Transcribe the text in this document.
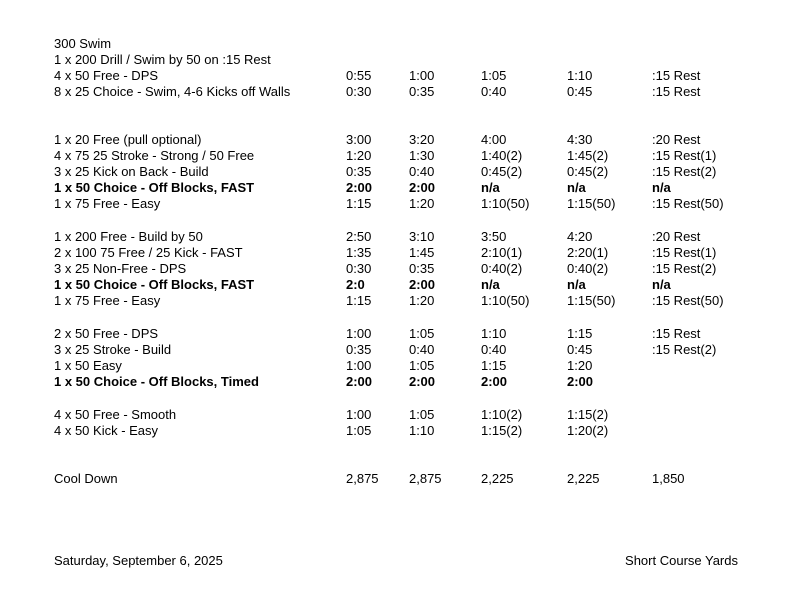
300 Swim
1 x 200 Drill / Swim by 50 on :15 Rest
4 x 50 Free - DPS	0:55	1:00	1:05	1:10	:15 Rest
8 x 25 Choice - Swim, 4-6 Kicks off Walls	0:30	0:35	0:40	0:45	:15 Rest
1 x 20 Free (pull optional)	3:00	3:20	4:00	4:30	:20 Rest
4 x 75 25 Stroke - Strong / 50 Free	1:20	1:30	1:40(2)	1:45(2)	:15 Rest(1)
3 x 25 Kick on Back - Build	0:35	0:40	0:45(2)	0:45(2)	:15 Rest(2)
1 x 50 Choice - Off Blocks, FAST	2:00	2:00	n/a	n/a	n/a
1 x 75 Free - Easy	1:15	1:20	1:10(50)	1:15(50)	:15 Rest(50)
1 x 200 Free - Build by 50	2:50	3:10	3:50	4:20	:20 Rest
2 x 100 75 Free / 25 Kick - FAST	1:35	1:45	2:10(1)	2:20(1)	:15 Rest(1)
3 x 25 Non-Free - DPS	0:30	0:35	0:40(2)	0:40(2)	:15 Rest(2)
1 x 50 Choice - Off Blocks, FAST	2:0	2:00	n/a	n/a	n/a
1 x 75 Free - Easy	1:15	1:20	1:10(50)	1:15(50)	:15 Rest(50)
2 x 50 Free - DPS	1:00	1:05	1:10	1:15	:15 Rest
3 x 25 Stroke - Build	0:35	0:40	0:40	0:45	:15 Rest(2)
1 x 50 Easy	1:00	1:05	1:15	1:20
1 x 50 Choice - Off Blocks, Timed	2:00	2:00	2:00	2:00
4 x 50 Free - Smooth	1:00	1:05	1:10(2)	1:15(2)
4 x 50 Kick - Easy	1:05	1:10	1:15(2)	1:20(2)
Cool Down	2,875 2,875	2,225	2,225	1,850
Saturday, September 6, 2025	Short Course Yards
